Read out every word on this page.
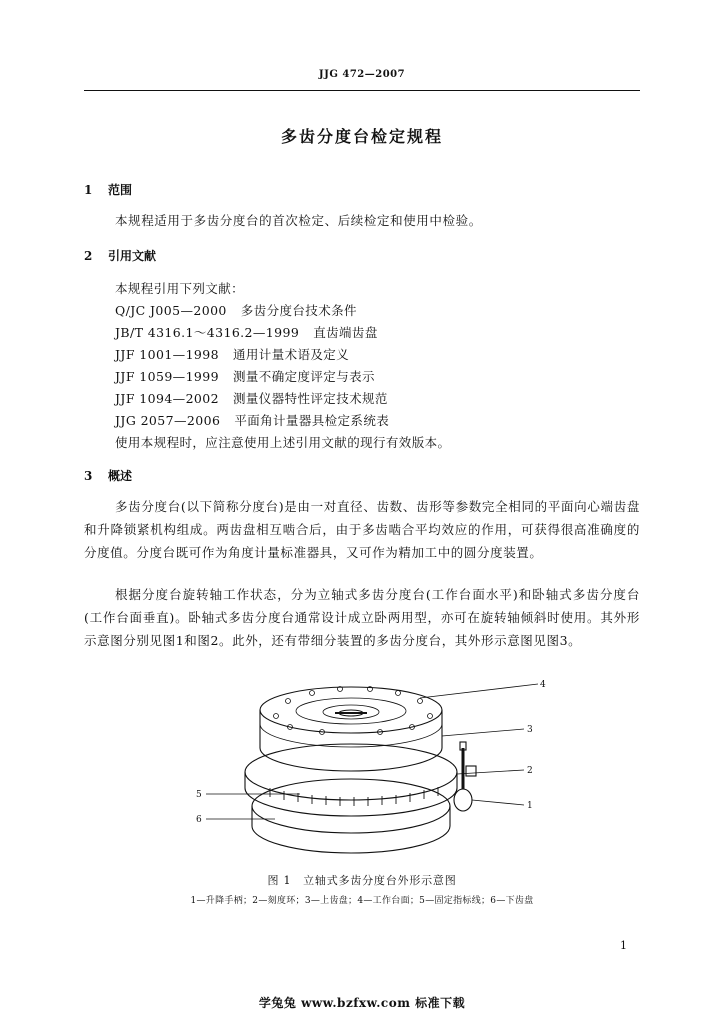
JJG 472—2007
多齿分度台检定规程
1 范围
本规程适用于多齿分度台的首次检定、后续检定和使用中检验。
2 引用文献
本规程引用下列文献：
Q/JC J005—2000 多齿分度台技术条件
JB/T 4316.1～4316.2—1999 直齿端齿盘
JJF 1001—1998 通用计量术语及定义
JJF 1059—1999 测量不确定度评定与表示
JJF 1094—2002 测量仪器特性评定技术规范
JJG 2057—2006 平面角计量器具检定系统表
使用本规程时，应注意使用上述引用文献的现行有效版本。
3 概述
多齿分度台(以下简称分度台)是由一对直径、齿数、齿形等参数完全相同的平面向心端齿盘和升降锁紧机构组成。两齿盘相互啮合后，由于多齿啮合平均效应的作用，可获得很高准确度的分度值。分度台既可作为角度计量标准器具，又可作为精加工中的圆分度装置。
根据分度台旋转轴工作状态，分为立轴式多齿分度台(工作台面水平)和卧轴式多齿分度台(工作台面垂直)。卧轴式多齿分度台通常设计成立卧两用型，亦可在旋转轴倾斜时使用。其外形示意图分别见图1和图2。此外，还有带细分装置的多齿分度台，其外形示意图见图3。
4
3
2
1
5
6
图 1　立轴式多齿分度台外形示意图
1—升降手柄；2—刻度环；3—上齿盘；4—工作台面；5—固定指标线；6—下齿盘
1
学兔兔 www.bzfxw.com 标准下载
